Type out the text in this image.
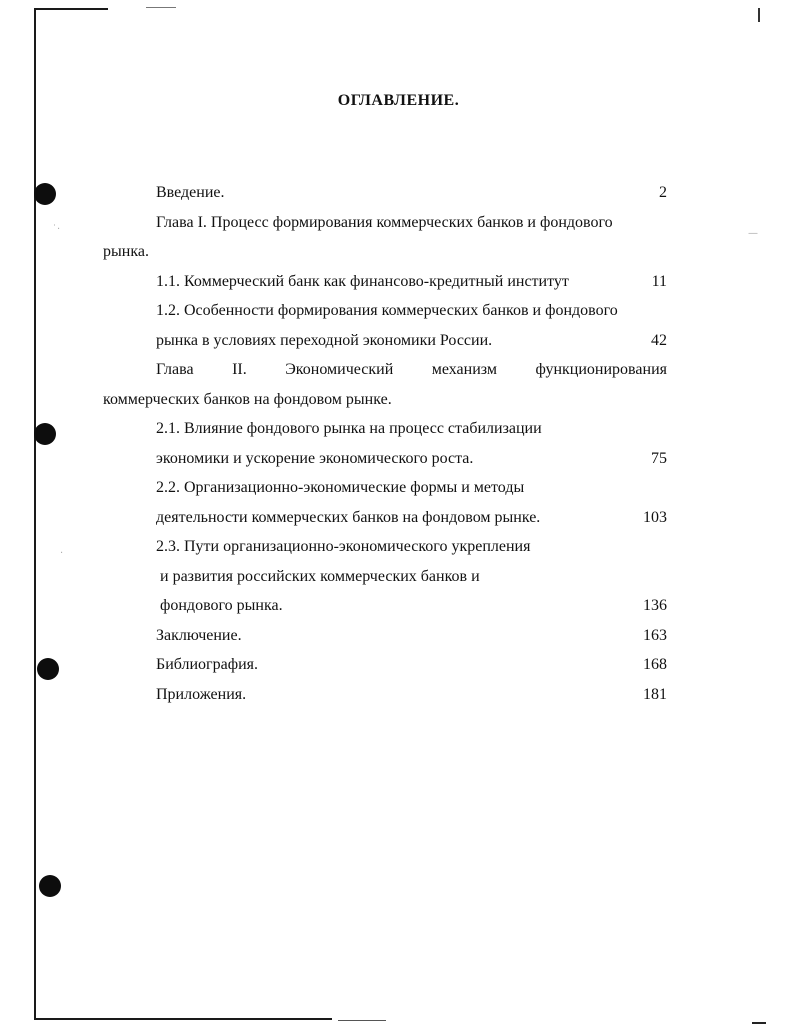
˙·
·
—
ОГЛАВЛЕНИЕ.
Введение.	2
Глава I. Процесс формирования коммерческих банков и фондового
рынка.
1.1. Коммерческий банк как финансово-кредитный институт	11
1.2. Особенности формирования коммерческих банков и фондового
рынка в условиях переходной экономики России.	42
Глава II. Экономический механизм функционирования
коммерческих банков на фондовом рынке.
2.1. Влияние фондового рынка на процесс стабилизации
экономики и ускорение экономического роста.	75
2.2. Организационно-экономические формы и методы
деятельности коммерческих банков на фондовом рынке.	103
2.3. Пути организационно-экономического укрепления
и развития российских коммерческих банков и
фондового рынка.	136
Заключение.	163
Библиография.	168
Приложения.	181
